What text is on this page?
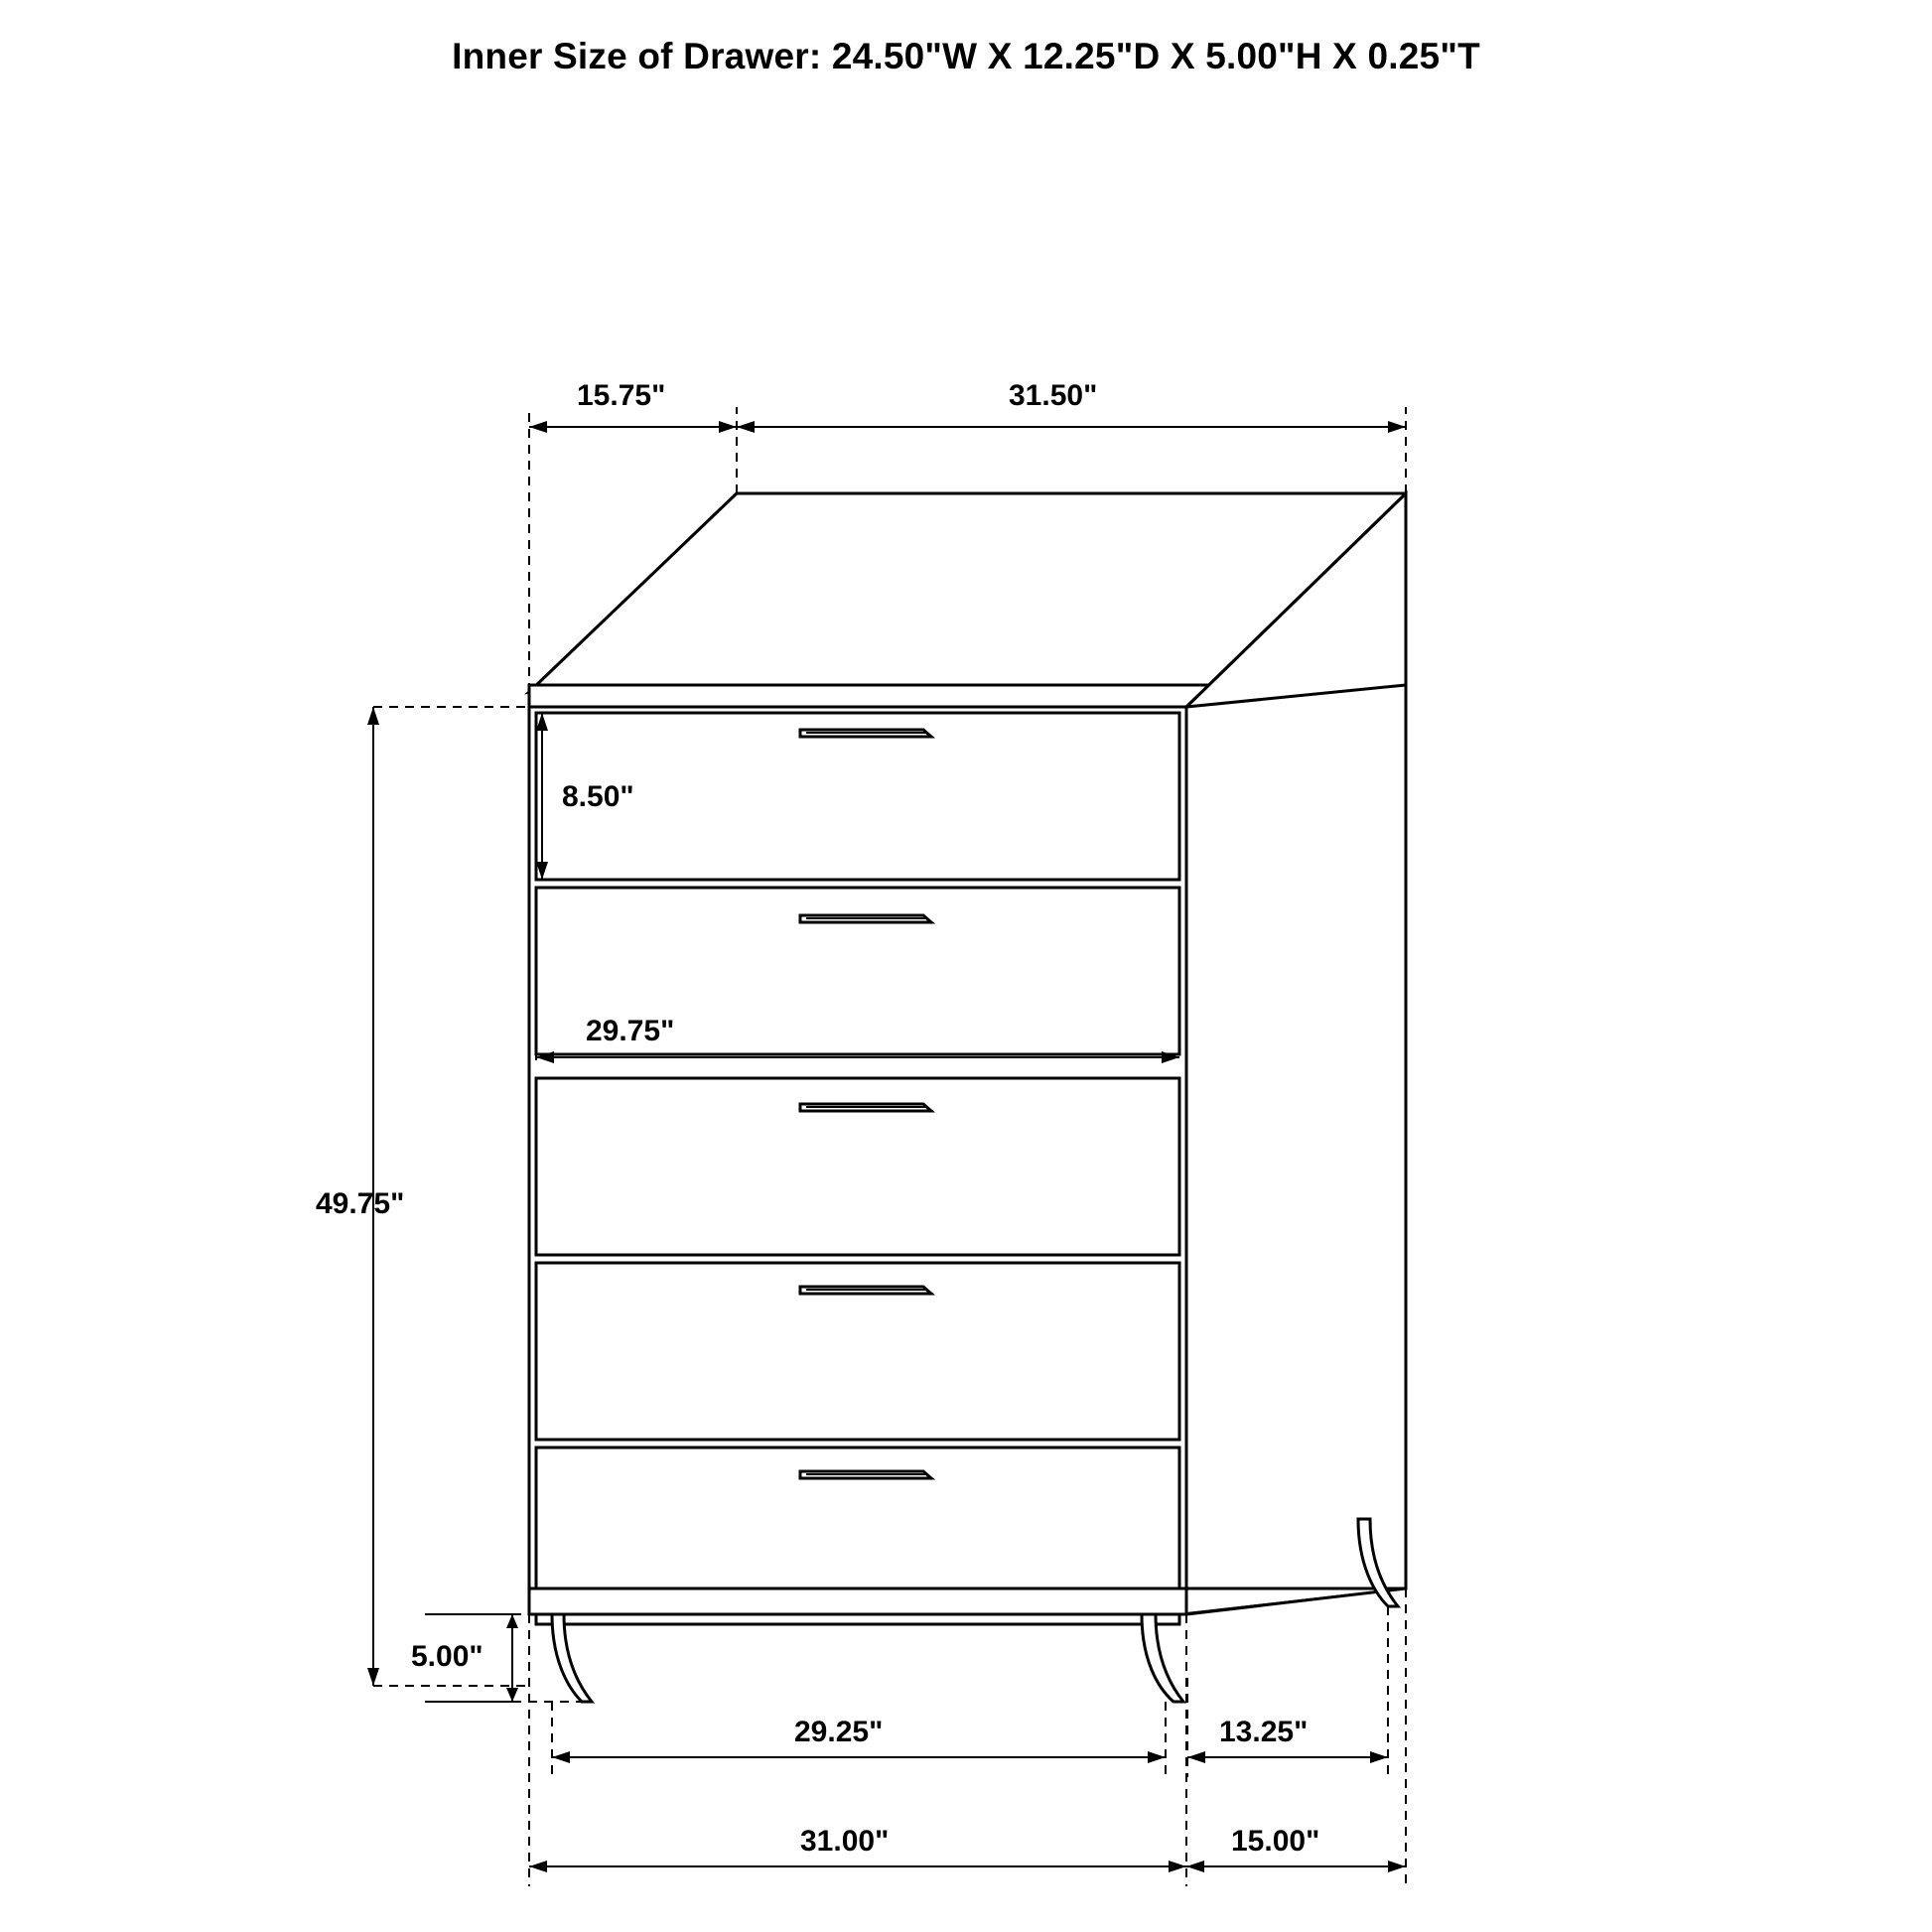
Inner Size of Drawer: 24.50"W X 12.25"D X 5.00"H X 0.25"T
15.75"	31.50"
8.50"
29.75"
49.75"
5.00"
29.25"	13.25"
31.00"	15.00"
